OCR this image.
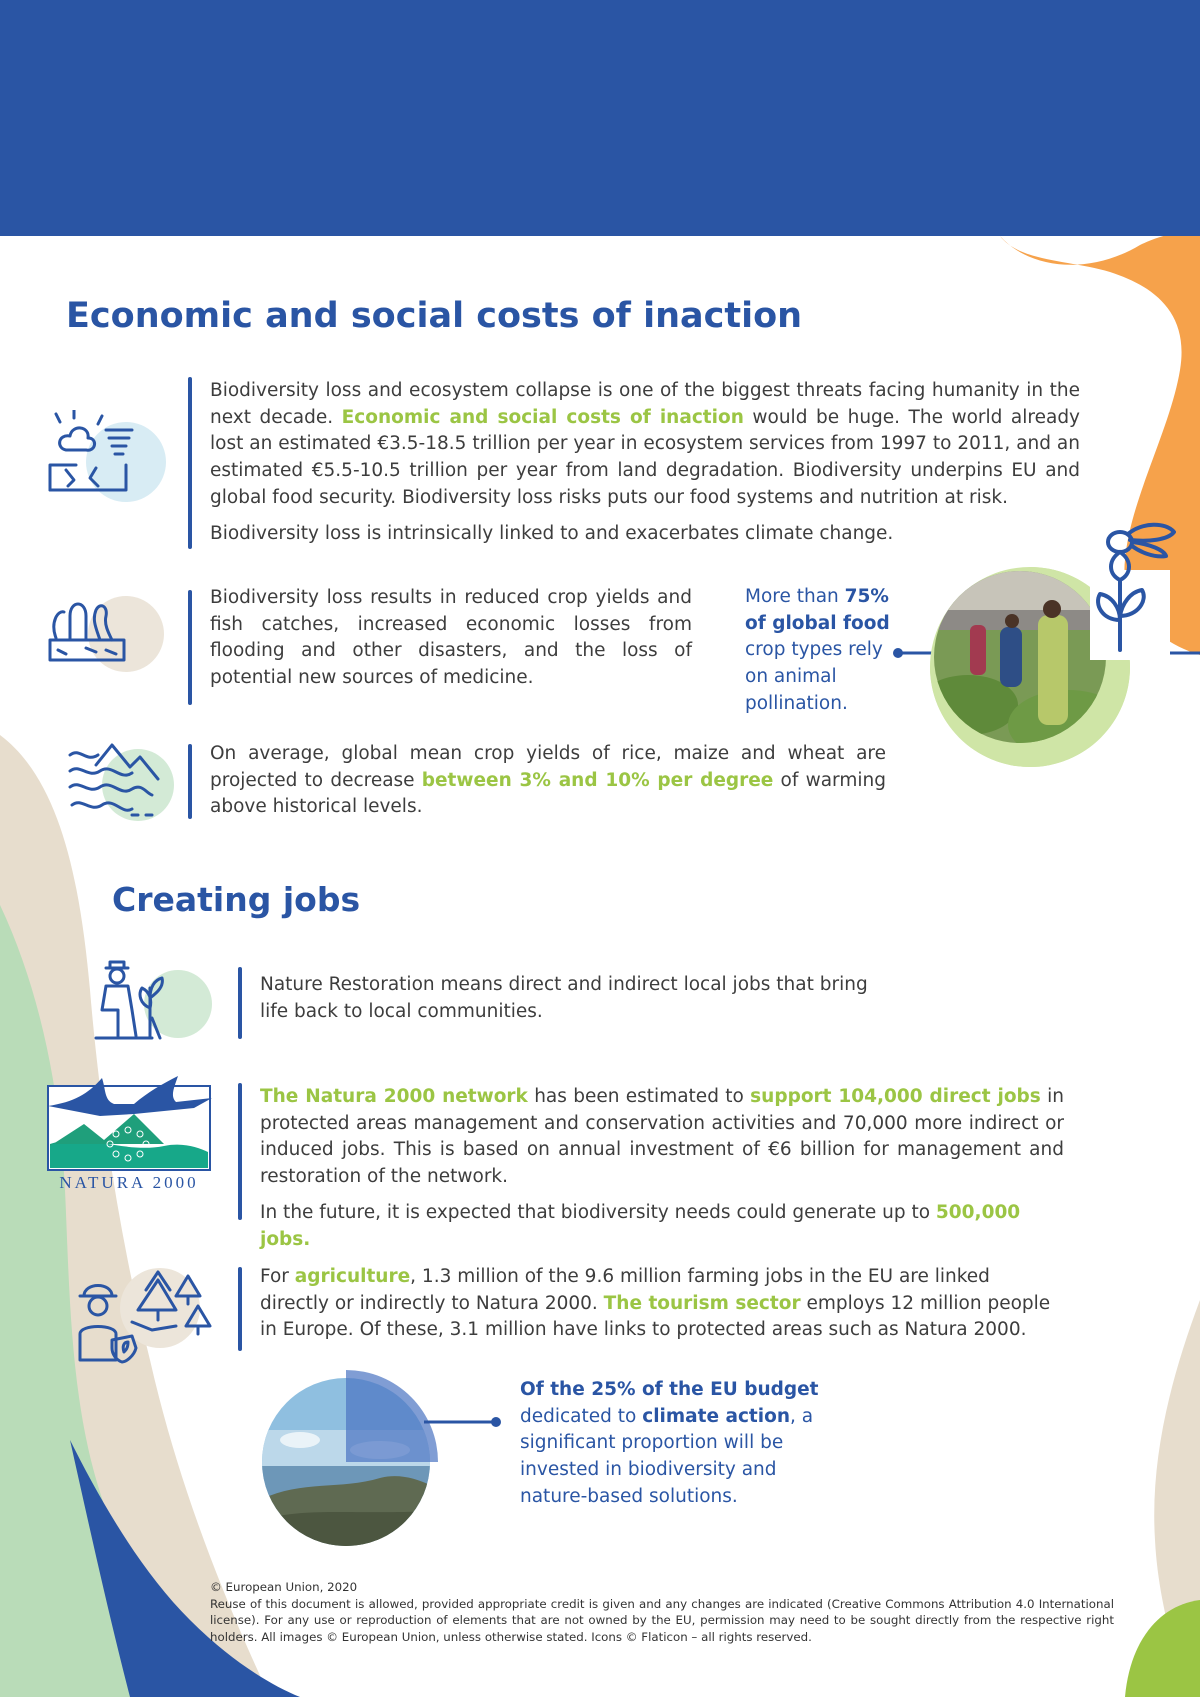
Economic and social costs of inaction

Biodiversity loss and ecosystem collapse is one of the biggest threats facing humanity in the next decade. Economic and social costs of inaction would be huge. The world already lost an estimated €3.5-18.5 trillion per year in ecosystem services from 1997 to 2011, and an estimated €5.5-10.5 trillion per year from land degradation. Biodiversity underpins EU and global food security. Biodiversity loss risks puts our food systems and nutrition at risk.

Biodiversity loss is intrinsically linked to and exacerbates climate change.

Biodiversity loss results in reduced crop yields and fish catches, increased economic losses from flooding and other disasters, and the loss of potential new sources of medicine.
More than 75% of global food crop types rely on animal pollination.
On average, global mean crop yields of rice, maize and wheat are projected to decrease between 3% and 10% per degree of warming above historical levels.
Creating jobs
Nature Restoration means direct and indirect local jobs that bring life back to local communities.
NATURA 2000

The Natura 2000 network has been estimated to support 104,000 direct jobs in protected areas management and conservation activities and 70,000 more indirect or induced jobs. This is based on annual investment of €6 billion for management and restoration of the network.

In the future, it is expected that biodiversity needs could generate up to 500,000 jobs.

For agriculture, 1.3 million of the 9.6 million farming jobs in the EU are linked directly or indirectly to Natura 2000. The tourism sector employs 12 million people in Europe. Of these, 3.1 million have links to protected areas such as Natura 2000.
Of the 25% of the EU budget dedicated to climate action, a significant proportion will be invested in biodiversity and nature-based solutions.

© European Union, 2020

Reuse of this document is allowed, provided appropriate credit is given and any changes are indicated (Creative Commons Attribution 4.0 International license). For any use or reproduction of elements that are not owned by the EU, permission may need to be sought directly from the respective right holders. All images © European Union, unless otherwise stated. Icons © Flaticon – all rights reserved.
